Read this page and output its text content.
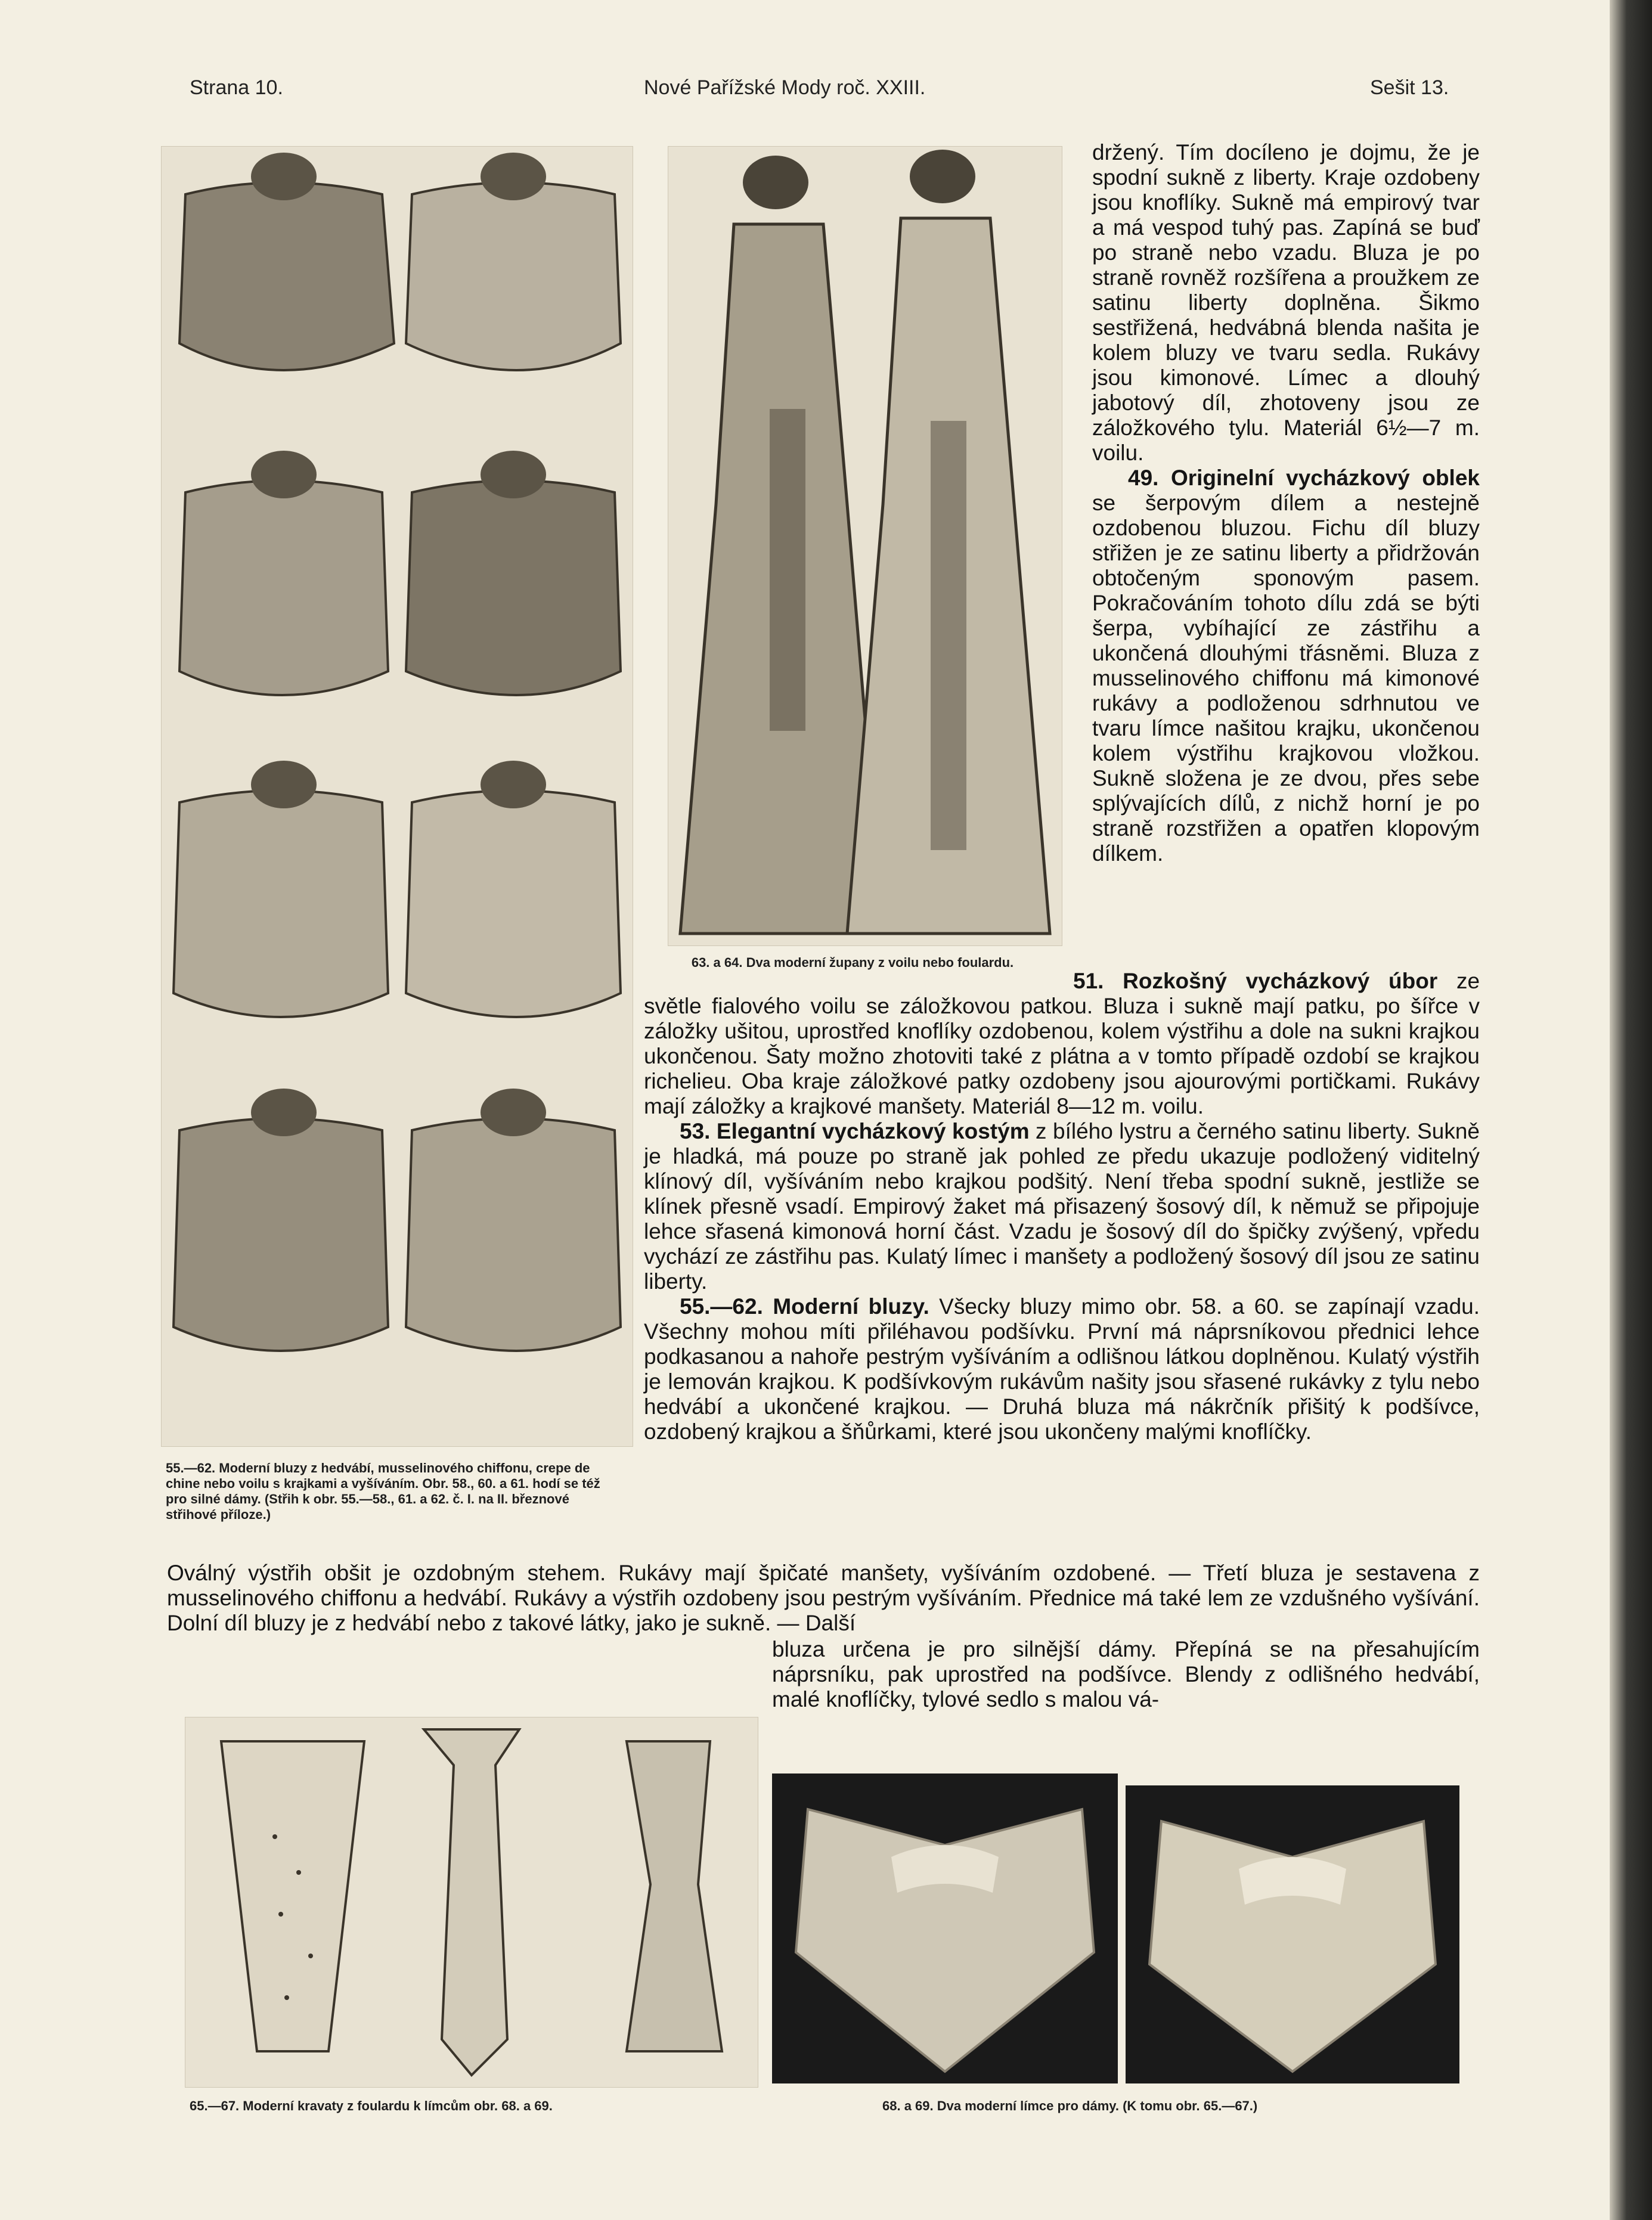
Strana 10.	Nové Pařížské Mody roč. XXIII.	Sešit 13.
55.—62. Moderní bluzy z hedvábí, musselinového chiffonu, crepe de chine nebo voilu s krajkami a vyšíváním. Obr. 58., 60. a 61. hodí se též pro silné dámy. (Střih k obr. 55.—58., 61. a 62. č. I. na II. březnové střihové příloze.)
63. a 64. Dva moderní župany z voilu nebo foulardu.

držený. Tím docíleno je dojmu, že je spodní sukně z liberty. Kraje ozdobeny jsou knoflíky. Sukně má empirový tvar a má vespod tuhý pas. Zapíná se buď po straně nebo vzadu. Bluza je po straně rovněž rozšířena a proužkem ze satinu liberty doplněna. Šikmo sestřižená, hedvábná blenda našita je kolem bluzy ve tvaru sedla. Rukávy jsou kimonové. Límec a dlouhý jabotový díl, zhotoveny jsou ze záložkového tylu. Materiál 6½—7 m. voilu.

49. Originelní vycházkový oblek se šerpovým dílem a nestejně ozdobenou bluzou. Fichu díl bluzy střižen je ze satinu liberty a přidržován obtočeným sponovým pasem. Pokračováním tohoto dílu zdá se býti šerpa, vybíhající ze zástřihu a ukončená dlouhými třásněmi. Bluza z musselinového chiffonu má kimonové rukávy a podloženou sdrhnutou ve tvaru límce našitou krajku, ukončenou kolem výstřihu krajkovou vložkou. Sukně složena je ze dvou, přes sebe splývajících dílů, z nichž horní je po straně rozstřižen a opatřen klopovým dílkem.

51. Rozkošný vycházkový úbor ze světle fialového voilu se záložkovou patkou. Bluza i sukně mají patku, po šířce v záložky ušitou, uprostřed knoflíky ozdobenou, kolem výstřihu a dole na sukni krajkou ukončenou. Šaty možno zhotoviti také z plátna a v tomto případě ozdobí se krajkou richelieu. Oba kraje záložkové patky ozdobeny jsou ajourovými portičkami. Rukávy mají záložky a krajkové manšety. Materiál 8—12 m. voilu.

53. Elegantní vycházkový kostým z bílého lystru a černého satinu liberty. Sukně je hladká, má pouze po straně jak pohled ze předu ukazuje podložený viditelný klínový díl, vyšíváním nebo krajkou podšitý. Není třeba spodní sukně, jestliže se klínek přesně vsadí. Empirový žaket má přisazený šosový díl, k němuž se připojuje lehce sřasená kimonová horní část. Vzadu je šosový díl do špičky zvýšený, vpředu vychází ze zástřihu pas. Kulatý límec i manšety a podložený šosový díl jsou ze satinu liberty.

55.—62. Moderní bluzy. Všecky bluzy mimo obr. 58. a 60. se zapínají vzadu. Všechny mohou míti přiléhavou podšívku. První má náprsníkovou přednici lehce podkasanou a nahoře pestrým vyšíváním a odlišnou látkou doplněnou. Kulatý výstřih je lemován krajkou. K podšívkovým rukávům našity jsou sřasené rukávky z tylu nebo hedvábí a ukončené krajkou. — Druhá bluza má nákrčník přišitý k podšívce, ozdobený krajkou a šňůrkami, které jsou ukončeny malými knoflíčky.

Oválný výstřih obšit je ozdobným stehem. Rukávy mají špičaté manšety, vyšíváním ozdobené. — Třetí bluza je sestavena z musselinového chiffonu a hedvábí. Rukávy a výstřih ozdobeny jsou pestrým vyšíváním. Přednice má také lem ze vzdušného vyšívání. Dolní díl bluzy je z hedvábí nebo z takové látky, jako je sukně. — Další

bluza určena je pro silnější dámy. Přepíná se na přesahujícím náprsníku, pak uprostřed na podšívce. Blendy z odlišného hedvábí, malé knoflíčky, tylové sedlo s malou vá-

65.—67. Moderní kravaty z foulardu k límcům obr. 68. a 69.	68. a 69. Dva moderní límce pro dámy. (K tomu obr. 65.—67.)
